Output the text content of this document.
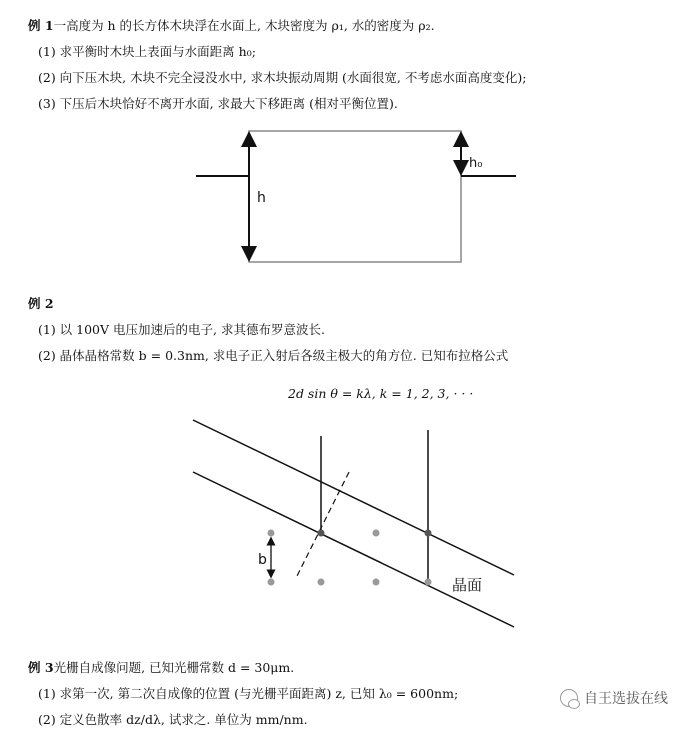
例 1一高度为 h 的长方体木块浮在水面上, 木块密度为 ρ₁, 水的密度为 ρ₂.
(1) 求平衡时木块上表面与水面距离 h₀;
(2) 向下压木块, 木块不完全浸没水中, 求木块振动周期 (水面很宽, 不考虑水面高度变化);
(3) 下压后木块恰好不离开水面, 求最大下移距离 (相对平衡位置).
h
h₀
例 2
(1) 以 100V 电压加速后的电子, 求其德布罗意波长.
(2) 晶体晶格常数 b = 0.3nm, 求电子正入射后各级主极大的角方位. 已知布拉格公式
2d sin θ = kλ, k = 1, 2, 3, · · ·
b
晶面
例 3光栅自成像问题, 已知光栅常数 d = 30μm.
(1) 求第一次, 第二次自成像的位置 (与光栅平面距离) z, 已知 λ₀ = 600nm;
(2) 定义色散率 dz/dλ, 试求之. 单位为 mm/nm.
自王选拔在线
